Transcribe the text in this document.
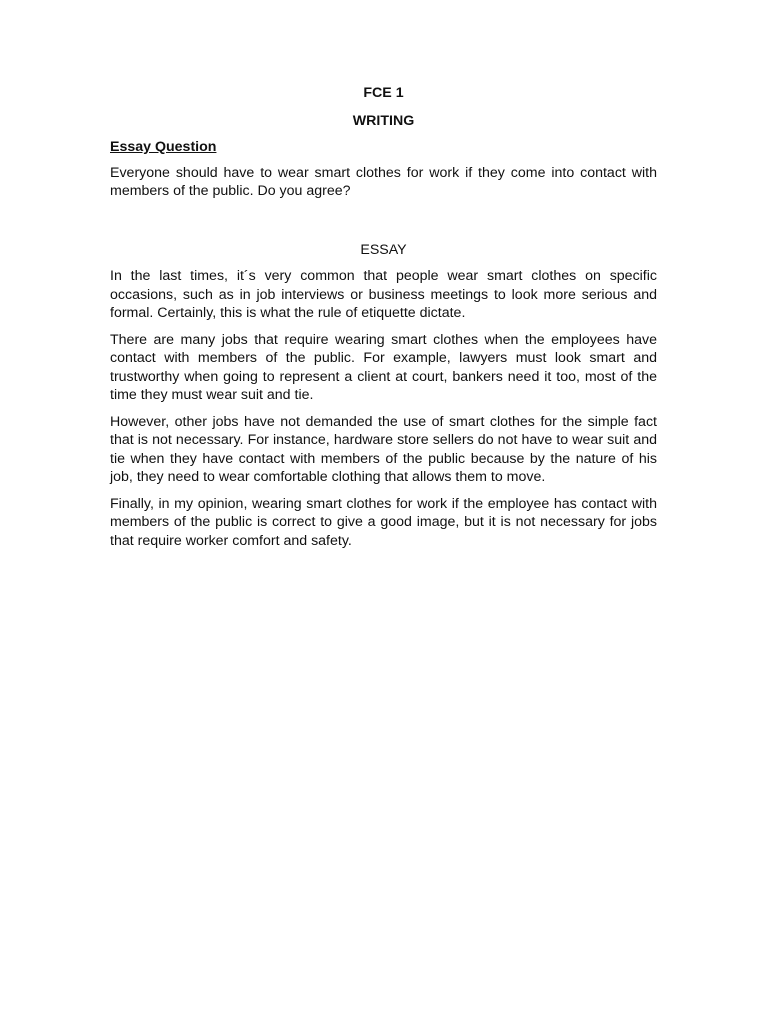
FCE 1
WRITING
Essay Question
Everyone should have to wear smart clothes for work if they come into contact with members of the public. Do you agree?
ESSAY

In the last times, it´s very common that people wear smart clothes on specific occasions, such as in job interviews or business meetings to look more serious and formal. Certainly, this is what the rule of etiquette dictate.

There are many jobs that require wearing smart clothes when the employees have contact with members of the public. For example, lawyers must look smart and trustworthy when going to represent a client at court, bankers need it too, most of the time they must wear suit and tie.

However, other jobs have not demanded the use of smart clothes for the simple fact that is not necessary. For instance, hardware store sellers do not have to wear suit and tie when they have contact with members of the public because by the nature of his job, they need to wear comfortable clothing that allows them to move.

Finally, in my opinion, wearing smart clothes for work if the employee has contact with members of the public is correct to give a good image, but it is not necessary for jobs that require worker comfort and safety.
